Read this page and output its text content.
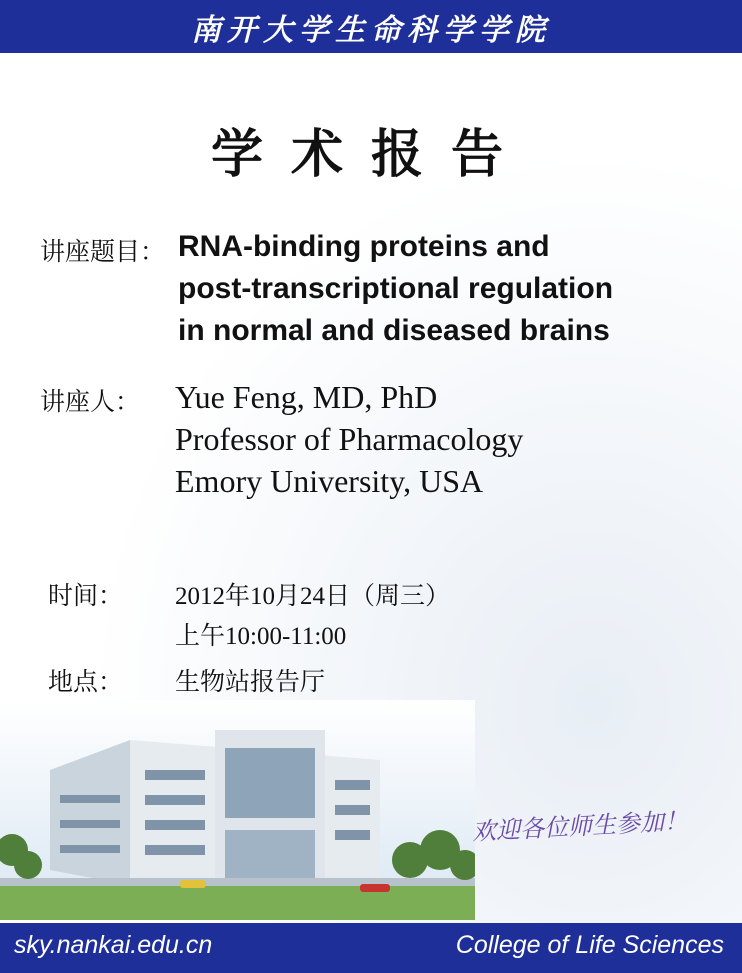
南开大学生命科学学院
学术报告
讲座题目： RNA-binding proteins and
post-transcriptional regulation
in normal and diseased brains
讲座人： Yue Feng, MD, PhD
Professor of Pharmacology
Emory University, USA
时间： 2012年10月24日（周三）
上午10:00-11:00
地点： 生物站报告厅
欢迎各位师生参加！
sky.nankai.edu.cn	College of Life Sciences
